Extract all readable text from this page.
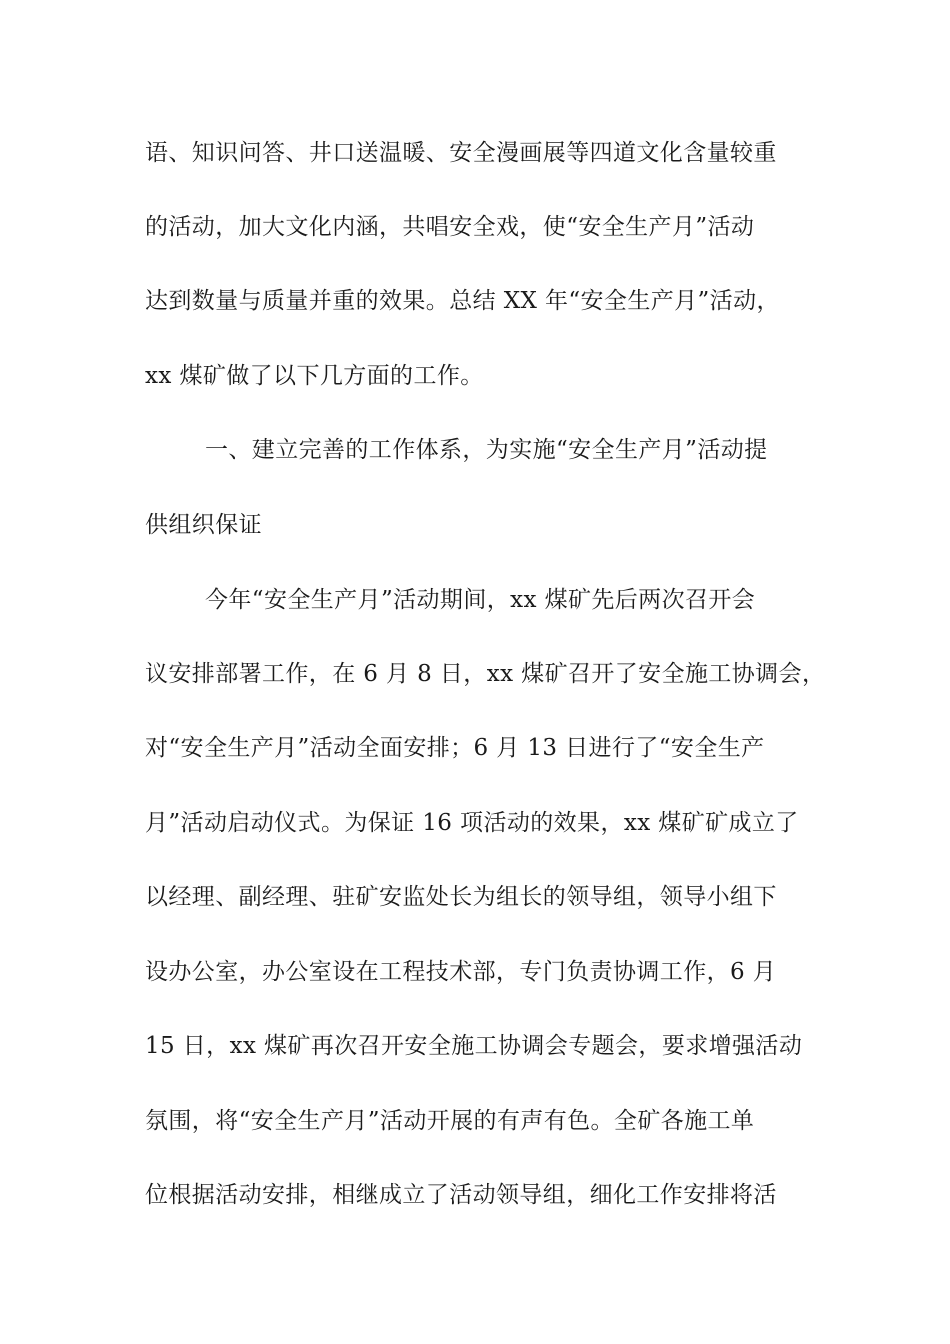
语、知识问答、井口送温暖、安全漫画展等四道文化含量较重
的活动，加大文化内涵，共唱安全戏，使“安全生产月”活动
达到数量与质量并重的效果。总结 XX 年“安全生产月”活动，
xx 煤矿做了以下几方面的工作。
一、建立完善的工作体系，为实施“安全生产月”活动提
供组织保证
今年“安全生产月”活动期间，xx 煤矿先后两次召开会
议安排部署工作，在 6 月 8 日，xx 煤矿召开了安全施工协调会，
对“安全生产月”活动全面安排；6 月 13 日进行了“安全生产
月”活动启动仪式。为保证 16 项活动的效果，xx 煤矿矿成立了
以经理、副经理、驻矿安监处长为组长的领导组，领导小组下
设办公室，办公室设在工程技术部，专门负责协调工作，6 月
15 日，xx 煤矿再次召开安全施工协调会专题会，要求增强活动
氛围，将“安全生产月”活动开展的有声有色。全矿各施工单
位根据活动安排，相继成立了活动领导组，细化工作安排将活
